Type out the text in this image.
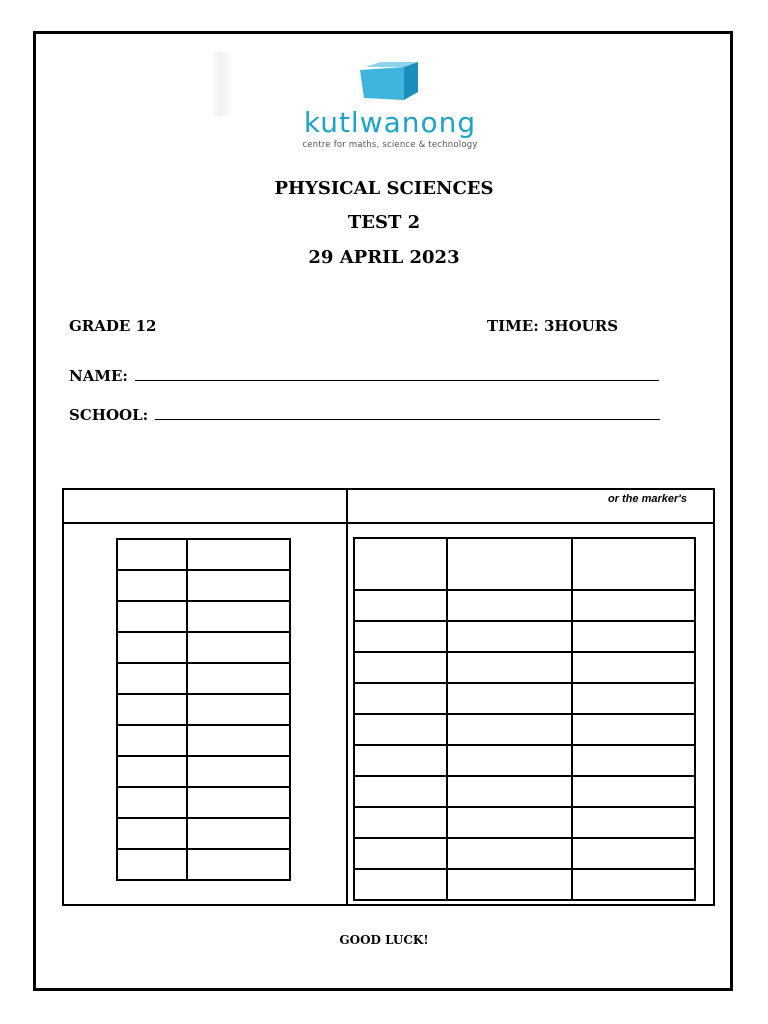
kutlwanong
centre for maths, science & technology
PHYSICAL SCIENCES
TEST 2
29 APRIL 2023
GRADE 12	TIME: 3HOURS
NAME:
SCHOOL:
or the marker's

GOOD LUCK!
